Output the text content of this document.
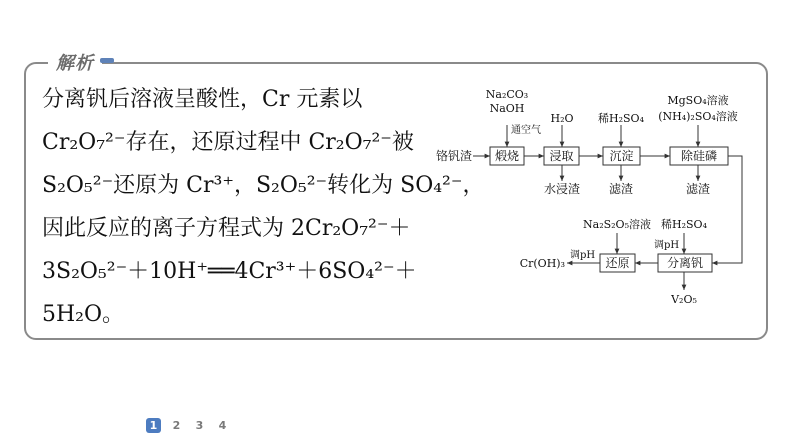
解析
分离钒后溶液呈酸性，Cr 元素以
Cr₂O₇²⁻存在，还原过程中 Cr₂O₇²⁻被
S₂O₅²⁻还原为 Cr³⁺，S₂O₅²⁻转化为 SO₄²⁻，
因此反应的离子方程式为 2Cr₂O₇²⁻＋
3S₂O₅²⁻＋10H⁺══4Cr³⁺＋6SO₄²⁻＋
5H₂O。
煅烧	浸取	沉淀	除硅磷
还原	分离钒
铬钒渣
Na₂CO₃
NaOH
通空气
H₂O 稀H₂SO₄
MgSO₄溶液
(NH₄)₂SO₄溶液
水浸渣 滤渣	滤渣
Na₂S₂O₅溶液 稀H₂SO₄
调pH
调pH
Cr(OH)₃
V₂O₅
1	2	3	4
